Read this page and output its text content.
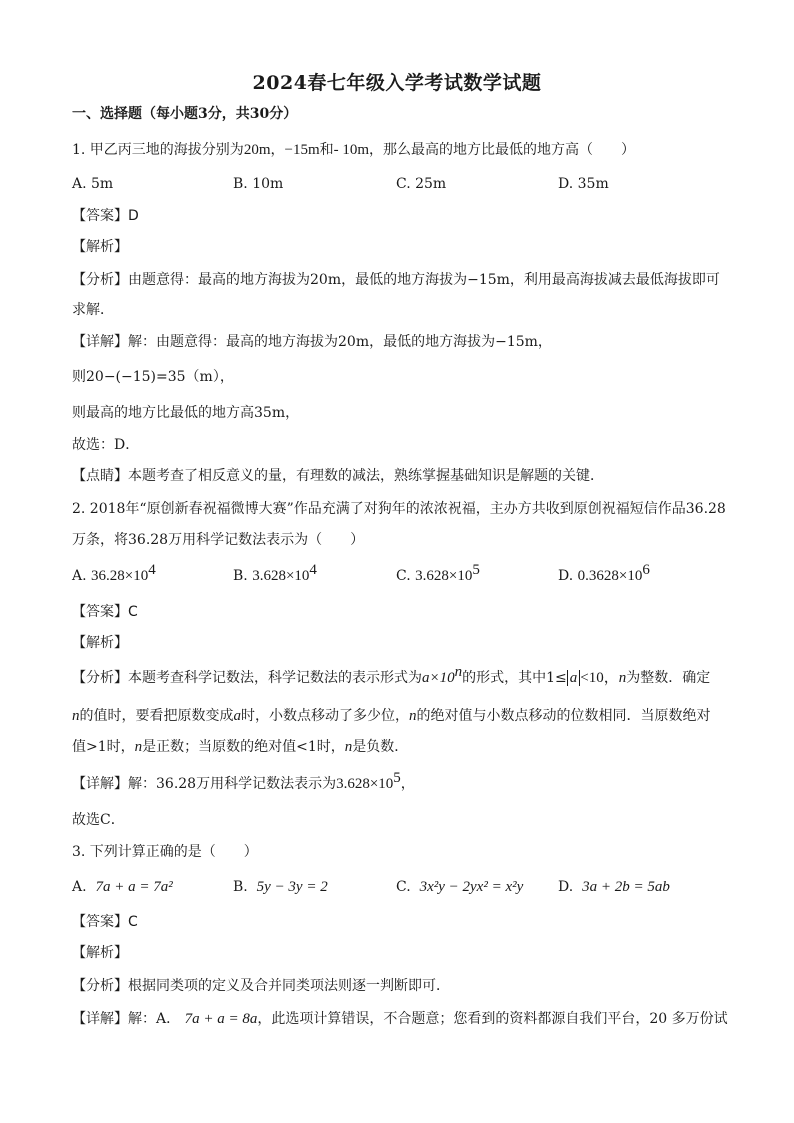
2024春七年级入学考试数学试题
一、选择题（每小题3分，共30分）
1. 甲乙丙三地的海拔分别为20m，−15m和- 10m，那么最高的地方比最低的地方高（　　）
A. 5m	B. 10m	C. 25m	D. 35m
【答案】D
【解析】
【分析】由题意得：最高的地方海拔为20m，最低的地方海拔为−15m，利用最高海拔减去最低海拔即可
求解．
【详解】解：由题意得：最高的地方海拔为20m，最低的地方海拔为−15m，
则20−(−15)=35（m），
则最高的地方比最低的地方高35m，
故选：D．
【点睛】本题考查了相反意义的量，有理数的减法，熟练掌握基础知识是解题的关键．
2. 2018年“原创新春祝福微博大赛”作品充满了对狗年的浓浓祝福，主办方共收到原创祝福短信作品36.28
万条，将36.28万用科学记数法表示为（　　）
A. $36.28\times 10^4$	B. $3.628\times 10^4$	C. $3.628\times 10^5$	D. $0.3628\times 10^6$
【答案】C
【解析】
【分析】本题考查科学记数法，科学记数法的表示形式为$a\times 10^n$的形式，其中1≤ a <10，n为整数．确定
n的值时，要看把原数变成a时，小数点移动了多少位，n的绝对值与小数点移动的位数相同．当原数绝对
值>1时，n是正数；当原数的绝对值<1时，n是负数．
【详解】解：36.28万用科学记数法表示为$3.628\times 10^5$，
故选C．
3. 下列计算正确的是（　　）
A. 7a + a = 7a²	B. 5y − 3y = 2	C. 3x²y − 2yx² = x²y D. 3a + 2b = 5ab
【答案】C
【解析】
【分析】根据同类项的定义及合并同类项法则逐一判断即可．
【详解】解：A． 7a + a = 8a，此选项计算错误，不合题意；您看到的资料都源自我们平台，20 多万份试
